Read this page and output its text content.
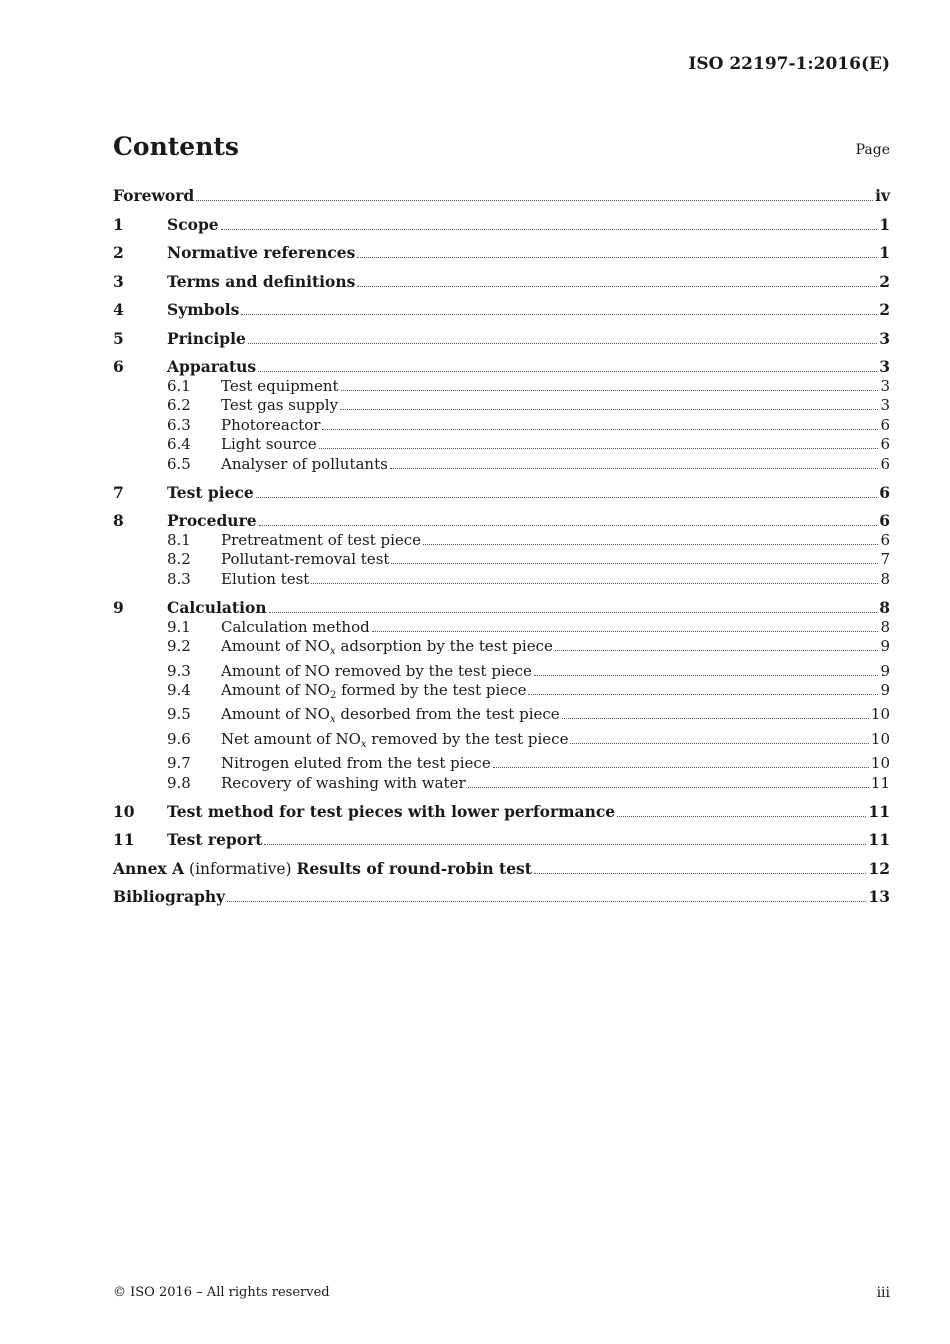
ISO 22197-1:2016(E)
Contents	Page
Foreword	iv
1	Scope	1
2	Normative references	1
3	Terms and definitions	2
4	Symbols	2
5	Principle	3
6	Apparatus	3
6.1	Test equipment	3
6.2	Test gas supply	3
6.3	Photoreactor	6
6.4	Light source	6
6.5	Analyser of pollutants	6
7	Test piece	6
8	Procedure	6
8.1	Pretreatment of test piece	6
8.2	Pollutant-removal test	7
8.3	Elution test	8
9	Calculation	8
9.1	Calculation method	8
9.2	Amount of $NO_x$ adsorption by the test piece	9
9.3	Amount of NO removed by the test piece	9
9.4	Amount of $NO_2$ formed by the test piece	9
9.5	Amount of $NO_x$ desorbed from the test piece	10
9.6	Net amount of $NO_x$ removed by the test piece	10
9.7	Nitrogen eluted from the test piece	10
9.8	Recovery of washing with water	11
10	Test method for test pieces with lower performance	11
11	Test report	11
Annex A (informative) Results of round-robin test	12
Bibliography	13
© ISO 2016 – All rights reserved	iii
